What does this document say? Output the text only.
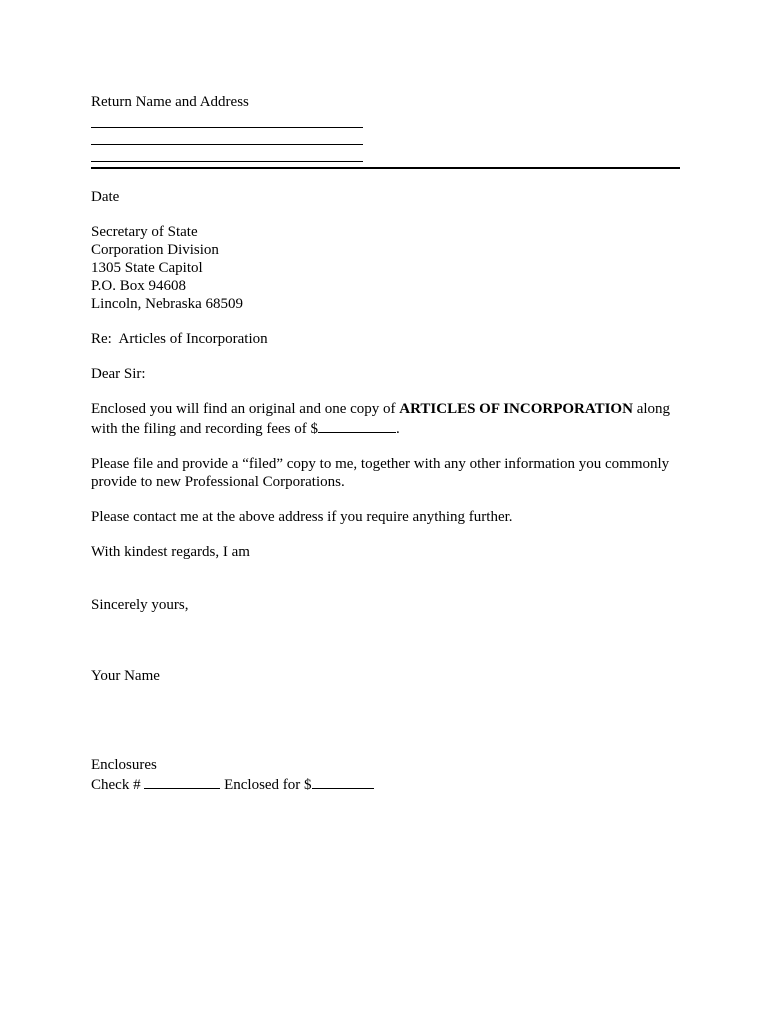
Return Name and Address

Date

Secretary of State

Corporation Division

1305 State Capitol

P.O. Box 94608

Lincoln, Nebraska 68509

Re:  Articles of Incorporation

Dear Sir:

Enclosed you will find an original and one copy of ARTICLES OF INCORPORATION along

with the filing and recording fees of $	.

Please file and provide a “filed” copy to me, together with any other information you commonly

provide to new Professional Corporations.

Please contact me at the above address if you require anything further.

With kindest regards, I am

Sincerely yours,

Your Name

Enclosures

Check #	Enclosed for $
